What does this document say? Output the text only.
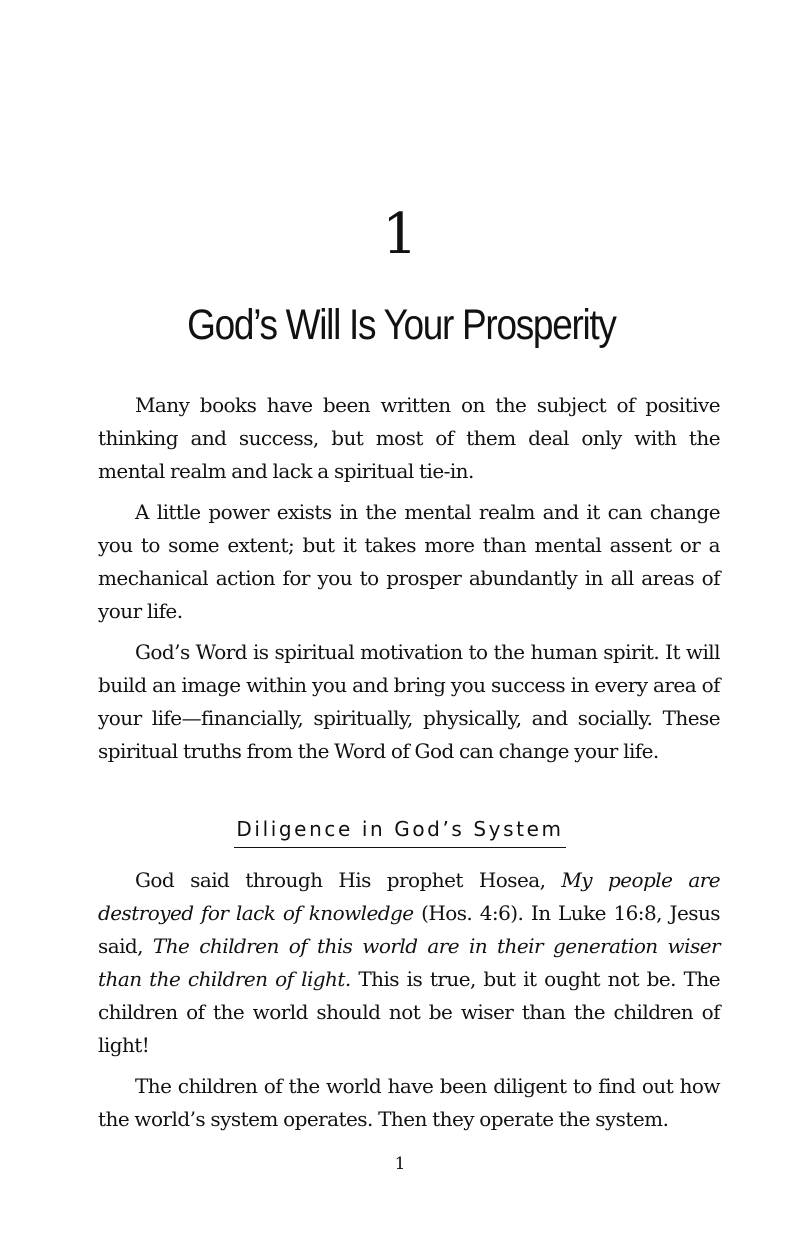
1
God’s Will Is Your Prosperity

Many books have been written on the subject of positive thinking and success, but most of them deal only with the mental realm and lack a spiritual tie-in.

A little power exists in the mental realm and it can change you to some extent; but it takes more than mental assent or a mechanical action for you to prosper abundantly in all areas of your life.

God’s Word is spiritual motivation to the human spirit. It will build an image within you and bring you success in every area of your life—financially, spiritually, physically, and socially. These spiritual truths from the Word of God can change your life.

Diligence in God’s System

God said through His prophet Hosea, My people are destroyed for lack of knowledge (Hos. 4:6). In Luke 16:8, Jesus said, The children of this world are in their generation wiser than the children of light. This is true, but it ought not be. The children of the world should not be wiser than the children of light!

The children of the world have been diligent to find out how the world’s system operates. Then they operate the system.

1
